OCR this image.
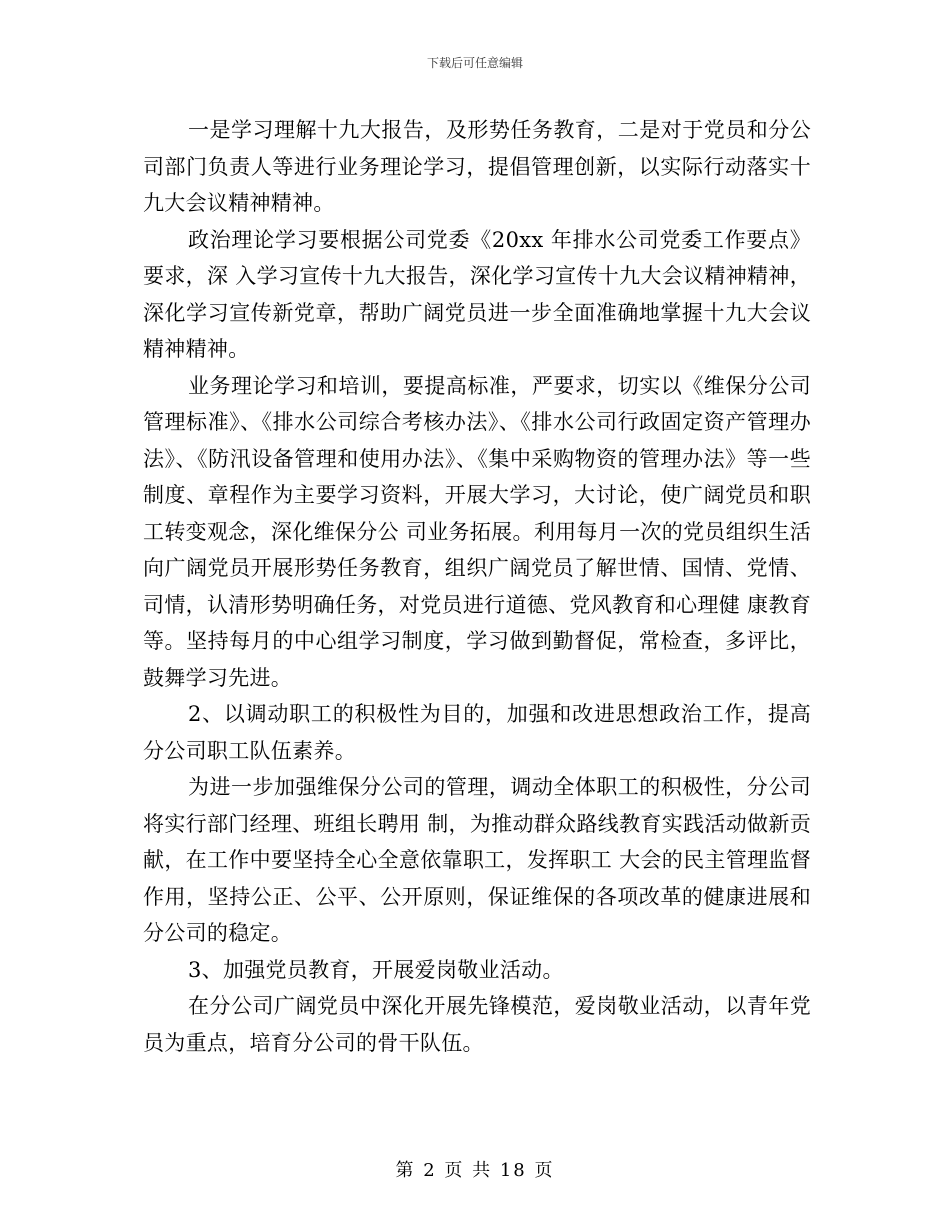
下载后可任意编辑

一是学习理解十九大报告，及形势任务教育，二是对于党员和分公司部门负责人等进行业务理论学习，提倡管理创新，以实际行动落实十九大会议精神精神。

政治理论学习要根据公司党委《20xx 年排水公司党委工作要点》要求，深 入学习宣传十九大报告，深化学习宣传十九大会议精神精神，深化学习宣传新党章，帮助广阔党员进一步全面准确地掌握十九大会议精神精神。

业务理论学习和培训，要提高标准，严要求，切实以《维保分公司管理标准》、《排水公司综合考核办法》、《排水公司行政固定资产管理办法》、《防汛设备管理和使用办法》、《集中采购物资的管理办法》等一些制度、章程作为主要学习资料，开展大学习，大讨论，使广阔党员和职工转变观念，深化维保分公 司业务拓展。利用每月一次的党员组织生活向广阔党员开展形势任务教育，组织广阔党员了解世情、国情、党情、司情，认清形势明确任务，对党员进行道德、党风教育和心理健 康教育等。坚持每月的中心组学习制度，学习做到勤督促，常检查，多评比，鼓舞学习先进。

2、以调动职工的积极性为目的，加强和改进思想政治工作，提高分公司职工队伍素养。

为进一步加强维保分公司的管理，调动全体职工的积极性，分公司将实行部门经理、班组长聘用 制，为推动群众路线教育实践活动做新贡献，在工作中要坚持全心全意依靠职工，发挥职工 大会的民主管理监督作用，坚持公正、公平、公开原则，保证维保的各项改革的健康进展和分公司的稳定。

3、加强党员教育，开展爱岗敬业活动。

在分公司广阔党员中深化开展先锋模范，爱岗敬业活动，以青年党员为重点，培育分公司的骨干队伍。

第 2 页 共 18 页
